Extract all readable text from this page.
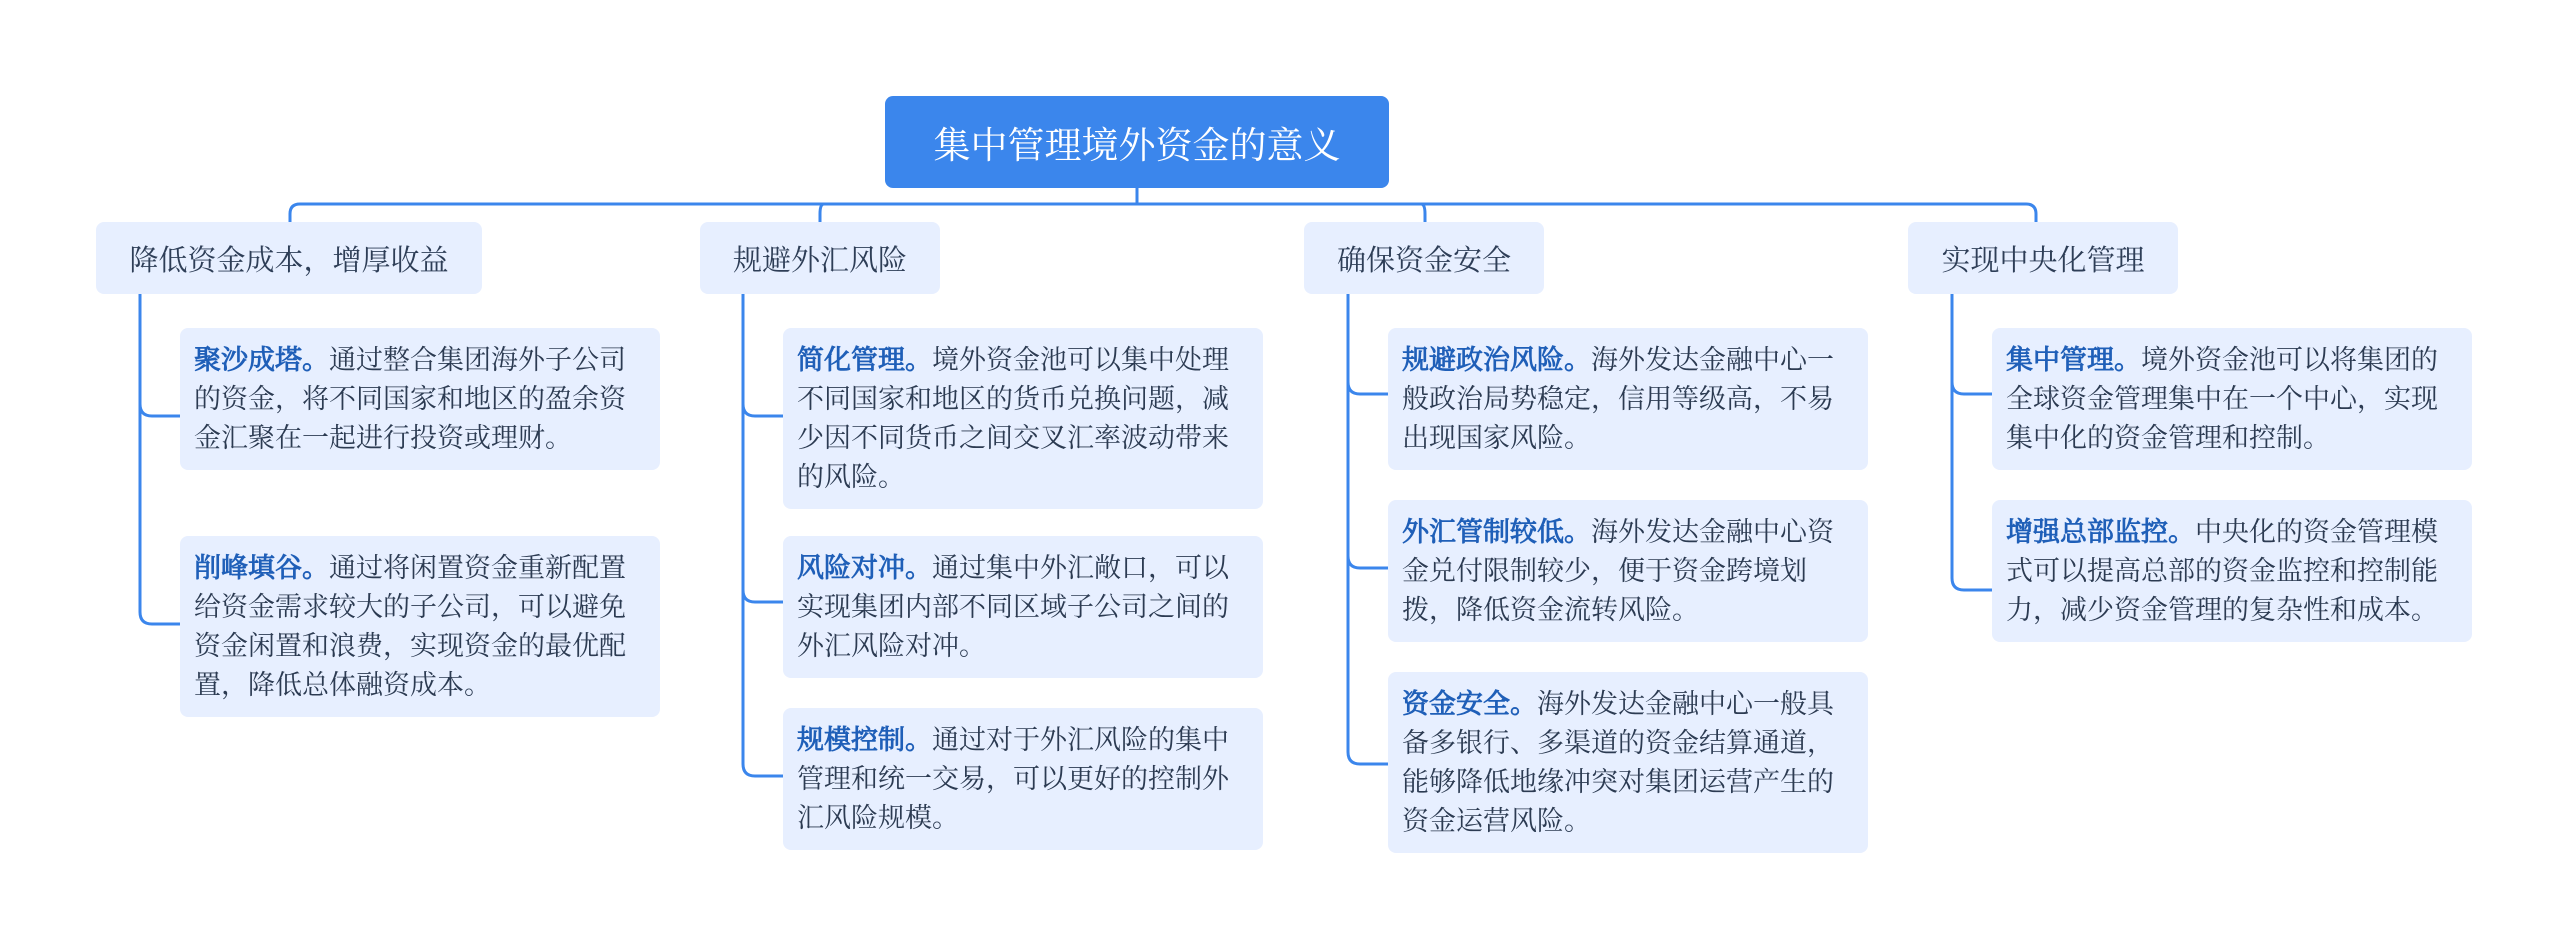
集中管理境外资金的意义
降低资金成本，增厚收益
聚沙成塔。通过整合集团海外子公司的资金，将不同国家和地区的盈余资金汇聚在一起进行投资或理财。
削峰填谷。通过将闲置资金重新配置给资金需求较大的子公司，可以避免资金闲置和浪费，实现资金的最优配置，降低总体融资成本。
规避外汇风险
简化管理。境外资金池可以集中处理不同国家和地区的货币兑换问题，减少因不同货币之间交叉汇率波动带来的风险。
风险对冲。通过集中外汇敞口，可以实现集团内部不同区域子公司之间的外汇风险对冲。
规模控制。通过对于外汇风险的集中管理和统一交易，可以更好的控制外汇风险规模。
确保资金安全
规避政治风险。海外发达金融中心一般政治局势稳定，信用等级高，不易出现国家风险。
外汇管制较低。海外发达金融中心资金兑付限制较少，便于资金跨境划拨，降低资金流转风险。
资金安全。海外发达金融中心一般具备多银行、多渠道的资金结算通道，能够降低地缘冲突对集团运营产生的资金运营风险。
实现中央化管理
集中管理。境外资金池可以将集团的全球资金管理集中在一个中心，实现集中化的资金管理和控制。
增强总部监控。中央化的资金管理模式可以提高总部的资金监控和控制能力，减少资金管理的复杂性和成本。
